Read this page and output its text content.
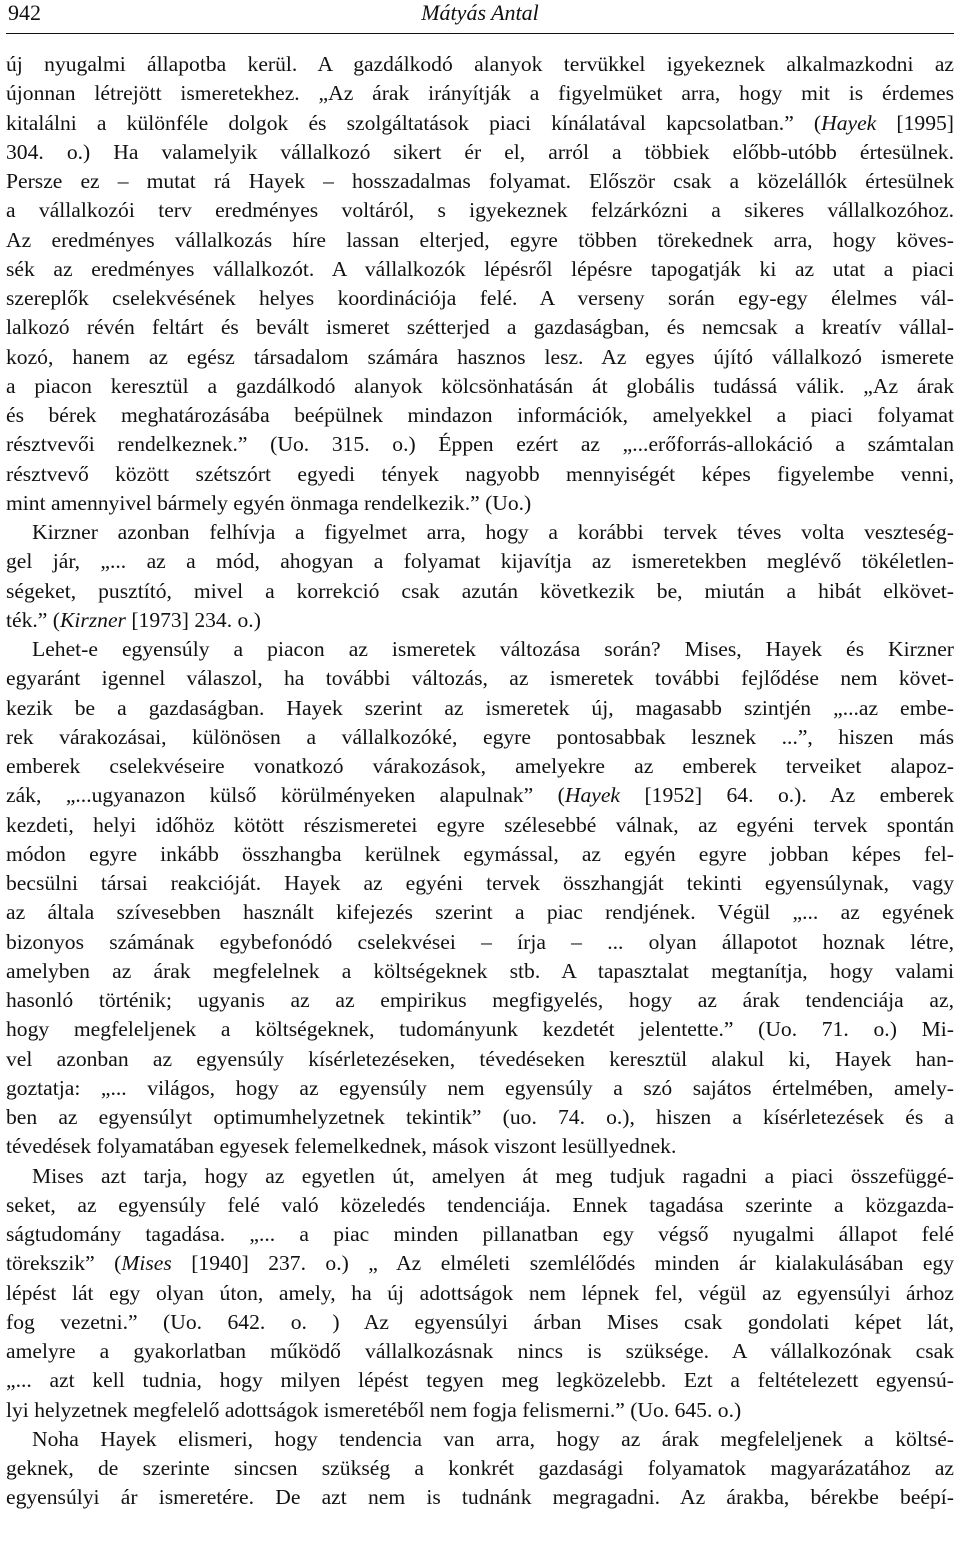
942	Mátyás Antal

új nyugalmi állapotba kerül. A gazdálkodó alanyok tervükkel igyekeznek alkalmazkodni az
újonnan létrejött ismeretekhez. „Az árak irányítják a figyelmüket arra, hogy mit is érdemes
kitalálni a különféle dolgok és szolgáltatások piaci kínálatával kapcsolatban.” (Hayek [1995]
304. o.) Ha valamelyik vállalkozó sikert ér el, arról a többiek előbb-utóbb értesülnek.
Persze ez – mutat rá Hayek – hosszadalmas folyamat. Először csak a közelállók értesülnek
a vállalkozói terv eredményes voltáról, s igyekeznek felzárkózni a sikeres vállalkozóhoz.
Az eredményes vállalkozás híre lassan elterjed, egyre többen törekednek arra, hogy köves-
sék az eredményes vállalkozót. A vállalkozók lépésről lépésre tapogatják ki az utat a piaci
szereplők cselekvésének helyes koordinációja felé. A verseny során egy-egy élelmes vál-
lalkozó révén feltárt és bevált ismeret szétterjed a gazdaságban, és nemcsak a kreatív vállal-
kozó, hanem az egész társadalom számára hasznos lesz. Az egyes újító vállalkozó ismerete
a piacon keresztül a gazdálkodó alanyok kölcsönhatásán át globális tudássá válik. „Az árak
és bérek meghatározásába beépülnek mindazon információk, amelyekkel a piaci folyamat
résztvevői rendelkeznek.” (Uo. 315. o.) Éppen ezért az „...erőforrás-allokáció a számtalan
résztvevő között szétszórt egyedi tények nagyobb mennyiségét képes figyelembe venni,
mint amennyivel bármely egyén önmaga rendelkezik.” (Uo.)

Kirzner azonban felhívja a figyelmet arra, hogy a korábbi tervek téves volta veszteség-
gel jár, „... az a mód, ahogyan a folyamat kijavítja az ismeretekben meglévő tökéletlen-
ségeket, pusztító, mivel a korrekció csak azután következik be, miután a hibát elkövet-
ték.” (Kirzner [1973] 234. o.)

Lehet-e egyensúly a piacon az ismeretek változása során? Mises, Hayek és Kirzner
egyaránt igennel válaszol, ha további változás, az ismeretek további fejlődése nem követ-
kezik be a gazdaságban. Hayek szerint az ismeretek új, magasabb szintjén „...az embe-
rek várakozásai, különösen a vállalkozóké, egyre pontosabbak lesznek ...”, hiszen más
emberek cselekvéseire vonatkozó várakozások, amelyekre az emberek terveiket alapoz-
zák, „...ugyanazon külső körülményeken alapulnak” (Hayek [1952] 64. o.). Az emberek
kezdeti, helyi időhöz kötött részismeretei egyre szélesebbé válnak, az egyéni tervek spontán
módon egyre inkább összhangba kerülnek egymással, az egyén egyre jobban képes fel-
becsülni társai reakcióját. Hayek az egyéni tervek összhangját tekinti egyensúlynak, vagy
az általa szívesebben használt kifejezés szerint a piac rendjének. Végül „... az egyének
bizonyos számának egybefonódó cselekvései – írja – ... olyan állapotot hoznak létre,
amelyben az árak megfelelnek a költségeknek stb. A tapasztalat megtanítja, hogy valami
hasonló történik; ugyanis az az empirikus megfigyelés, hogy az árak tendenciája az,
hogy megfeleljenek a költségeknek, tudományunk kezdetét jelentette.” (Uo. 71. o.) Mi-
vel azonban az egyensúly kísérletezéseken, tévedéseken keresztül alakul ki, Hayek han-
goztatja: „... világos, hogy az egyensúly nem egyensúly a szó sajátos értelmében, amely-
ben az egyensúlyt optimumhelyzetnek tekintik” (uo. 74. o.), hiszen a kísérletezések és a
tévedések folyamatában egyesek felemelkednek, mások viszont lesüllyednek.

Mises azt tarja, hogy az egyetlen út, amelyen át meg tudjuk ragadni a piaci összefüggé-
seket, az egyensúly felé való közeledés tendenciája. Ennek tagadása szerinte a közgazda-
ságtudomány tagadása. „... a piac minden pillanatban egy végső nyugalmi állapot felé
törekszik” (Mises [1940] 237. o.) „ Az elméleti szemlélődés minden ár kialakulásában egy
lépést lát egy olyan úton, amely, ha új adottságok nem lépnek fel, végül az egyensúlyi árhoz
fog vezetni.” (Uo. 642. o. ) Az egyensúlyi árban Mises csak gondolati képet lát,
amelyre a gyakorlatban működő vállalkozásnak nincs is szüksége. A vállalkozónak csak
„... azt kell tudnia, hogy milyen lépést tegyen meg legközelebb. Ezt a feltételezett egyensú-
lyi helyzetnek megfelelő adottságok ismeretéből nem fogja felismerni.” (Uo. 645. o.)

Noha Hayek elismeri, hogy tendencia van arra, hogy az árak megfeleljenek a költsé-
geknek, de szerinte sincsen szükség a konkrét gazdasági folyamatok magyarázatához az
egyensúlyi ár ismeretére. De azt nem is tudnánk megragadni. Az árakba, bérekbe beépí-
